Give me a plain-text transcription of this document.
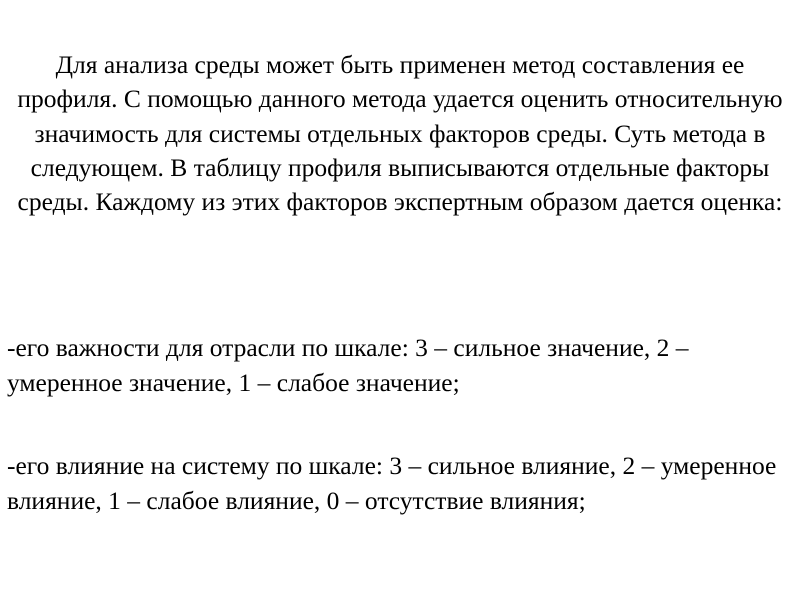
Для анализа среды может быть применен метод составления ее профиля. С помощью данного метода удается оценить относительную значимость для системы отдельных факторов среды. Суть метода в следующем. В таблицу профиля выписываются отдельные факторы среды. Каждому из этих факторов экспертным образом дается оценка:

-его важности для отрасли по шкале: 3 – сильное значение, 2 – умеренное значение, 1 – слабое значение;

-его влияние на систему по шкале: 3 – сильное влияние, 2 – умеренное влияние, 1 – слабое влияние, 0 – отсутствие влияния;
